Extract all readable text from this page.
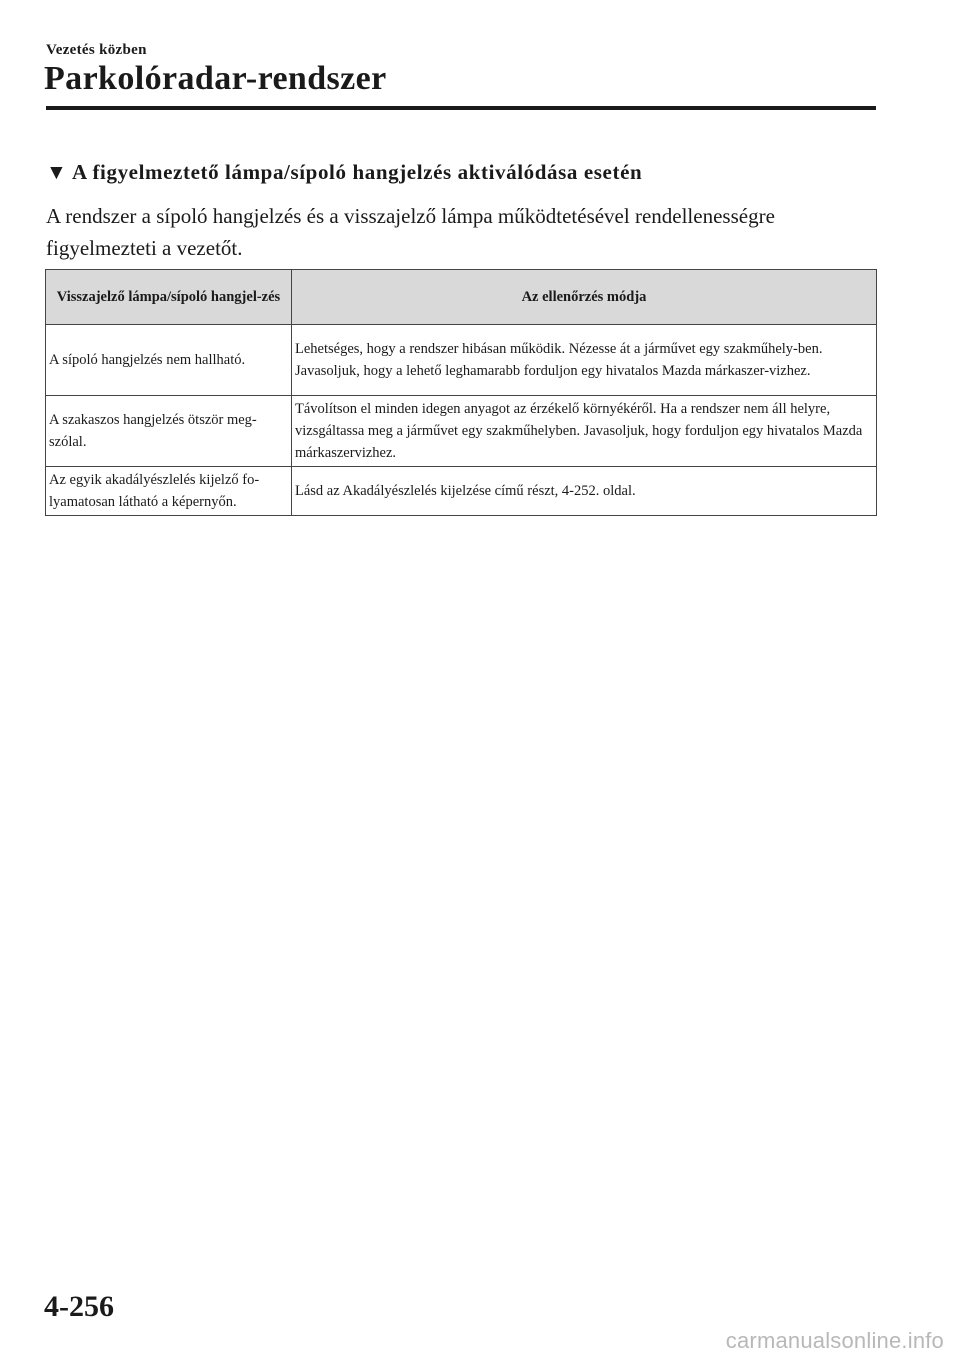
Vezetés közben
Parkolóradar-rendszer
▼ A figyelmeztető lámpa/sípoló hangjelzés aktiválódása esetén
A rendszer a sípoló hangjelzés és a visszajelző lámpa működtetésével rendellenességre figyelmezteti a vezetőt.
Visszajelző lámpa/sípoló hangjel-zés	Az ellenőrzés módja
A sípoló hangjelzés nem hallható.	Lehetséges, hogy a rendszer hibásan működik. Nézesse át a járművet egy szakműhely-ben. Javasoljuk, hogy a lehető leghamarabb forduljon egy hivatalos Mazda márkaszer-vizhez.
A szakaszos hangjelzés ötször meg-szólal.	Távolítson el minden idegen anyagot az érzékelő környékéről. Ha a rendszer nem áll helyre, vizsgáltassa meg a járművet egy szakműhelyben. Javasoljuk, hogy forduljon egy hivatalos Mazda márkaszervizhez.
Az egyik akadályészlelés kijelző fo-lyamatosan látható a képernyőn.	Lásd az Akadályészlelés kijelzése című részt, 4-252. oldal.
4-256
carmanualsonline.info
